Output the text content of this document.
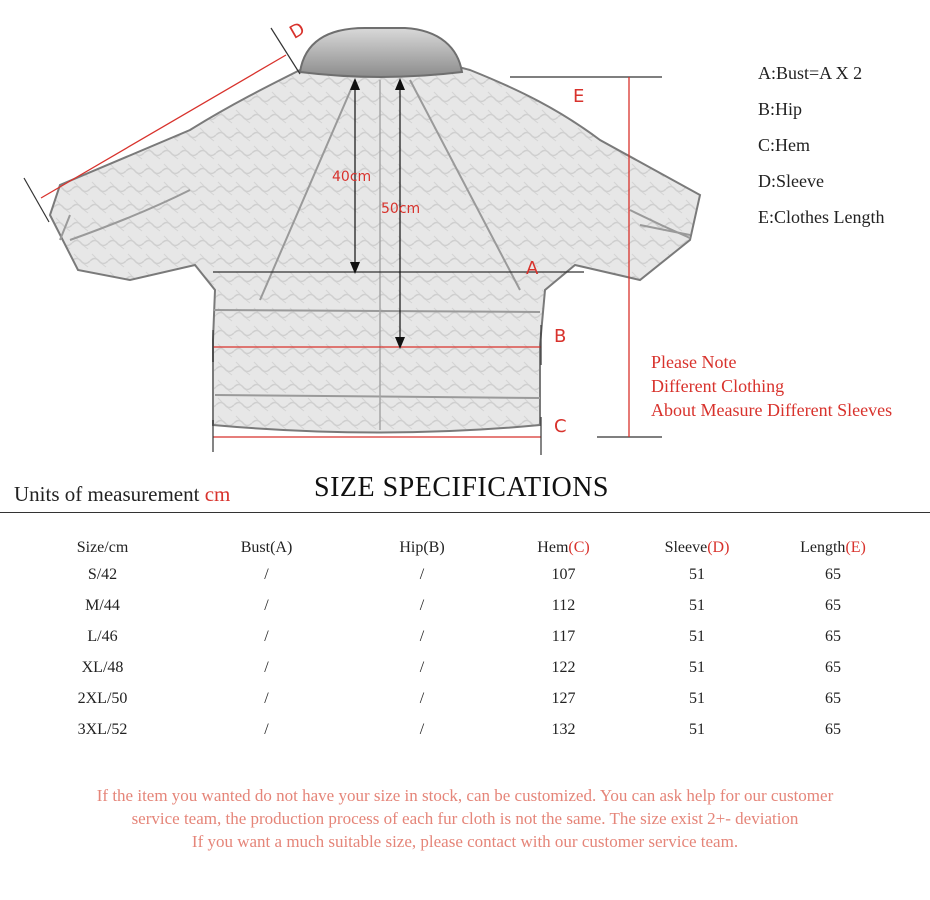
D
A
B
C
E
40cm
50cm
A:Bust=A X 2
B:Hip
C:Hem
D:Sleeve
E:Clothes Length
Please Note
Different Clothing
About Measure Different Sleeves
Units of measurement cm	SIZE SPECIFICATIONS
Size/cm	Bust(A)	Hip(B)	Hem(C)	Sleeve(D)	Length(E)	
S/42	/	/	107	51	65	
M/44	/	/	112	51	65	
L/46	/	/	117	51	65	
XL/48	/	/	122	51	65	
2XL/50	/	/	127	51	65	
3XL/52	/	/	132	51	65	
If the item you wanted do not have your size in stock, can be customized. You can ask help for our customer
service team, the production process of each fur cloth is not the same. The size exist 2+- deviation
If you want a much suitable size, please contact with our customer service team.
